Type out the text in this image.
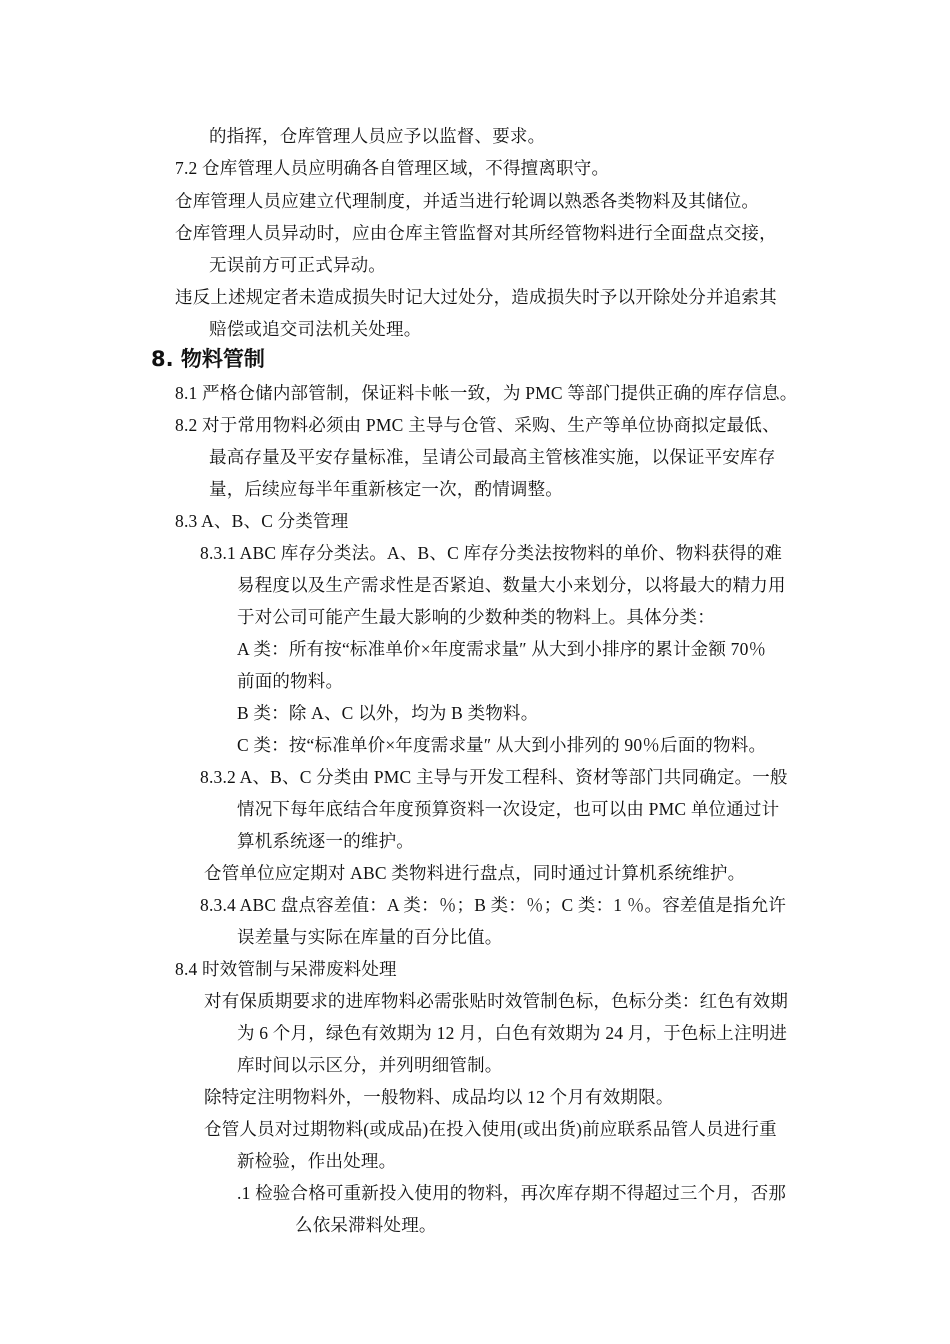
的指挥，仓库管理人员应予以监督、要求。
7.2 仓库管理人员应明确各自管理区域，不得擅离职守。
仓库管理人员应建立代理制度，并适当进行轮调以熟悉各类物料及其储位。
仓库管理人员异动时，应由仓库主管监督对其所经管物料进行全面盘点交接，
无误前方可正式异动。
违反上述规定者未造成损失时记大过处分，造成损失时予以开除处分并追索其
赔偿或追交司法机关处理。
8. 物料管制
8.1 严格仓储内部管制，保证料卡帐一致，为 PMC 等部门提供正确的库存信息。
8.2 对于常用物料必须由 PMC 主导与仓管、采购、生产等单位协商拟定最低、
最高存量及平安存量标准，呈请公司最高主管核准实施，以保证平安库存
量，后续应每半年重新核定一次，酌情调整。
8.3 A、B、C 分类管理
8.3.1 ABC 库存分类法。A、B、C 库存分类法按物料的单价、物料获得的难
易程度以及生产需求性是否紧迫、数量大小来划分，以将最大的精力用
于对公司可能产生最大影响的少数种类的物料上。具体分类：
A 类：所有按“标准单价×年度需求量″ 从大到小排序的累计金额 70％
前面的物料。
B 类：除 A、C 以外，均为 B 类物料。
C 类：按“标准单价×年度需求量″ 从大到小排列的 90％后面的物料。
8.3.2 A、B、C 分类由 PMC 主导与开发工程科、资材等部门共同确定。一般
情况下每年底结合年度预算资料一次设定，也可以由 PMC 单位通过计
算机系统逐一的维护。
仓管单位应定期对 ABC 类物料进行盘点，同时通过计算机系统维护。
8.3.4 ABC 盘点容差值：A 类：％；B 类：％；C 类：1 ％。容差值是指允许
误差量与实际在库量的百分比值。
8.4 时效管制与呆滞废料处理
对有保质期要求的进库物料必需张贴时效管制色标，色标分类：红色有效期
为 6 个月，绿色有效期为 12 月，白色有效期为 24 月，于色标上注明进
库时间以示区分，并列明细管制。
除特定注明物料外，一般物料、成品均以 12 个月有效期限。
仓管人员对过期物料(或成品)在投入使用(或出货)前应联系品管人员进行重
新检验，作出处理。
.1 检验合格可重新投入使用的物料，再次库存期不得超过三个月，否那
么依呆滞料处理。
